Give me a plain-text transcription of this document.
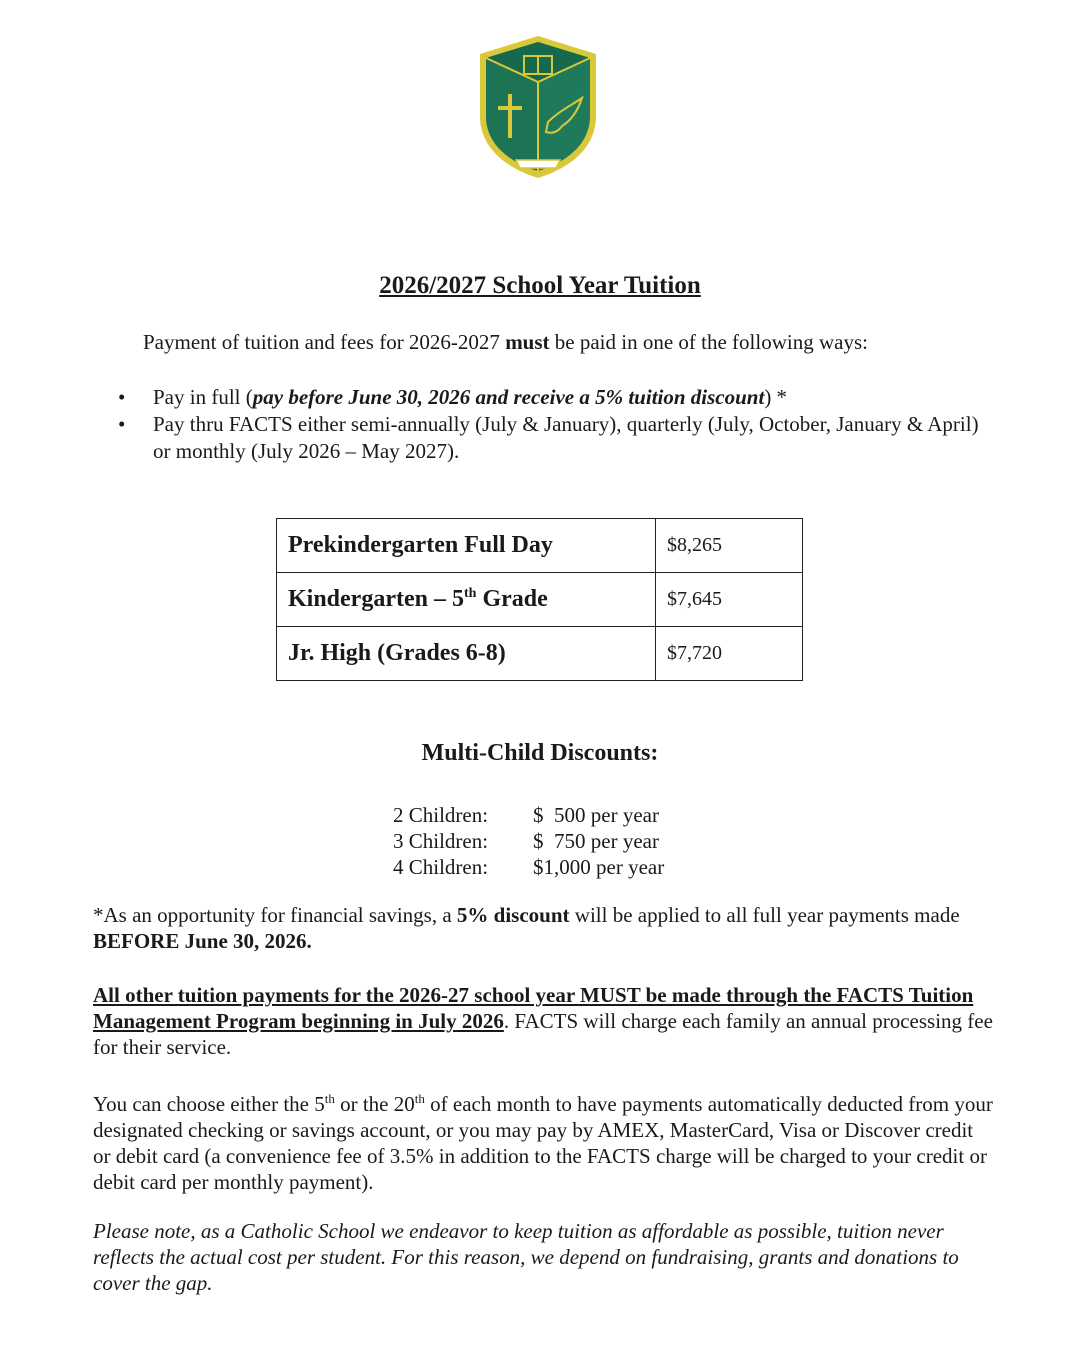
2026/2027 School Year Tuition

Payment of tuition and fees for 2026-2027 must be paid in one of the following ways:

• Pay in full (pay before June 30, 2026 and receive a 5% tuition discount) *
• Pay thru FACTS either semi-annually (July & January), quarterly (July, October, January & April) or monthly (July 2026 – May 2027).
Prekindergarten Full Day	$8,265
Kindergarten – 5th Grade	$7,645
Jr. High (Grades 6-8)	$7,720
Multi-Child Discounts:
2 Children: $  500 per year
3 Children: $  750 per year
4 Children: $1,000 per year

*As an opportunity for financial savings, a 5% discount will be applied to all full year payments made BEFORE June 30, 2026.

All other tuition payments for the 2026-27 school year MUST be made through the FACTS Tuition Management Program beginning in July 2026. FACTS will charge each family an annual processing fee for their service.

You can choose either the 5th or the 20th of each month to have payments automatically deducted from your designated checking or savings account, or you may pay by AMEX, MasterCard, Visa or Discover credit or debit card (a convenience fee of 3.5% in addition to the FACTS charge will be charged to your credit or debit card per monthly payment).

Please note, as a Catholic School we endeavor to keep tuition as affordable as possible, tuition never reflects the actual cost per student. For this reason, we depend on fundraising, grants and donations to cover the gap.
